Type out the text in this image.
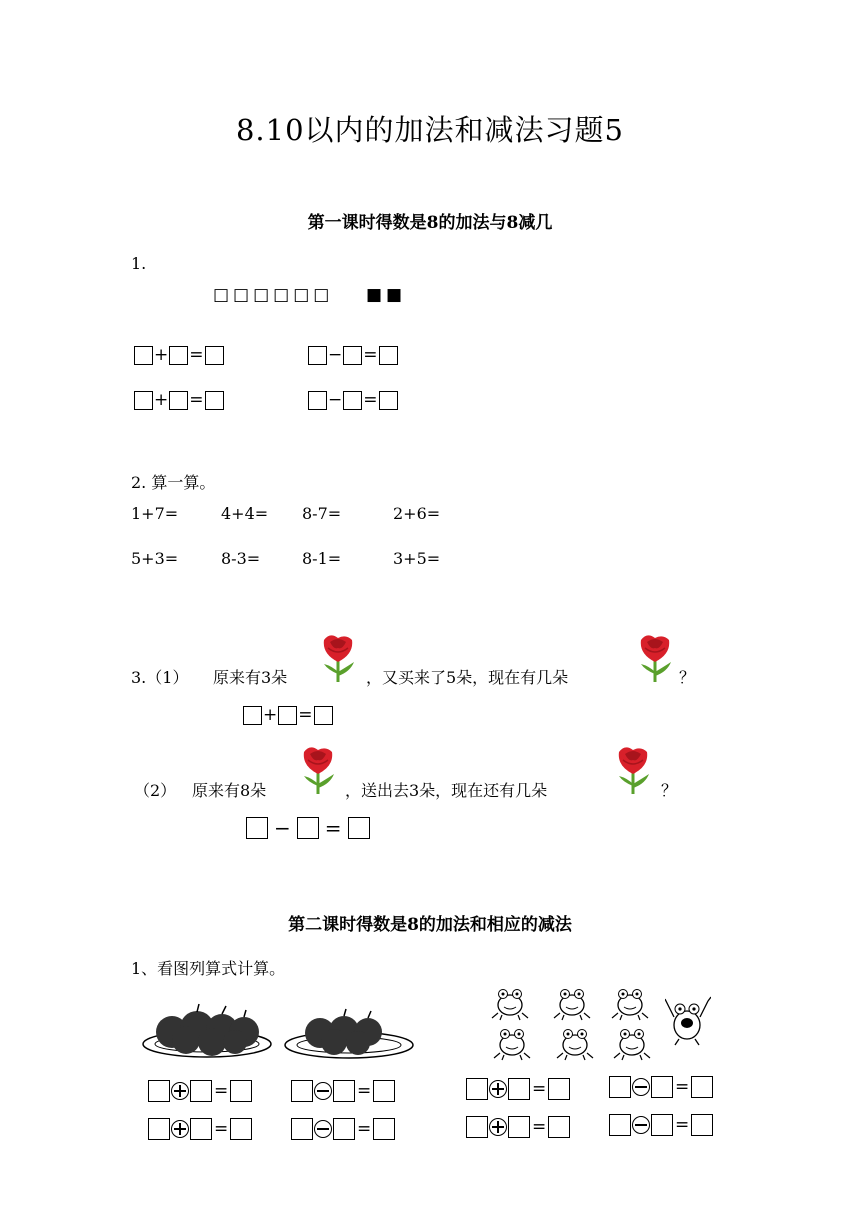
8.10以内的加法和减法习题5
第一课时得数是8的加法与8减几
1.
□□□□□□ ■■
+ =	− =
+ =	− =
2. 算一算。
1+7=	4+4= 8-7=	2+6=
5+3=	8-3=	8-1=	3+5=
3.（1） 原来有3朵	，又买来了5朵，现在有几朵	？
+ =
（2） 原来有8朵	，送出去3朵，现在还有几朵	？
− =
第二课时得数是8的加法和相应的减法
1、看图列算式计算。
=	=
=	=
=	=
=	=
